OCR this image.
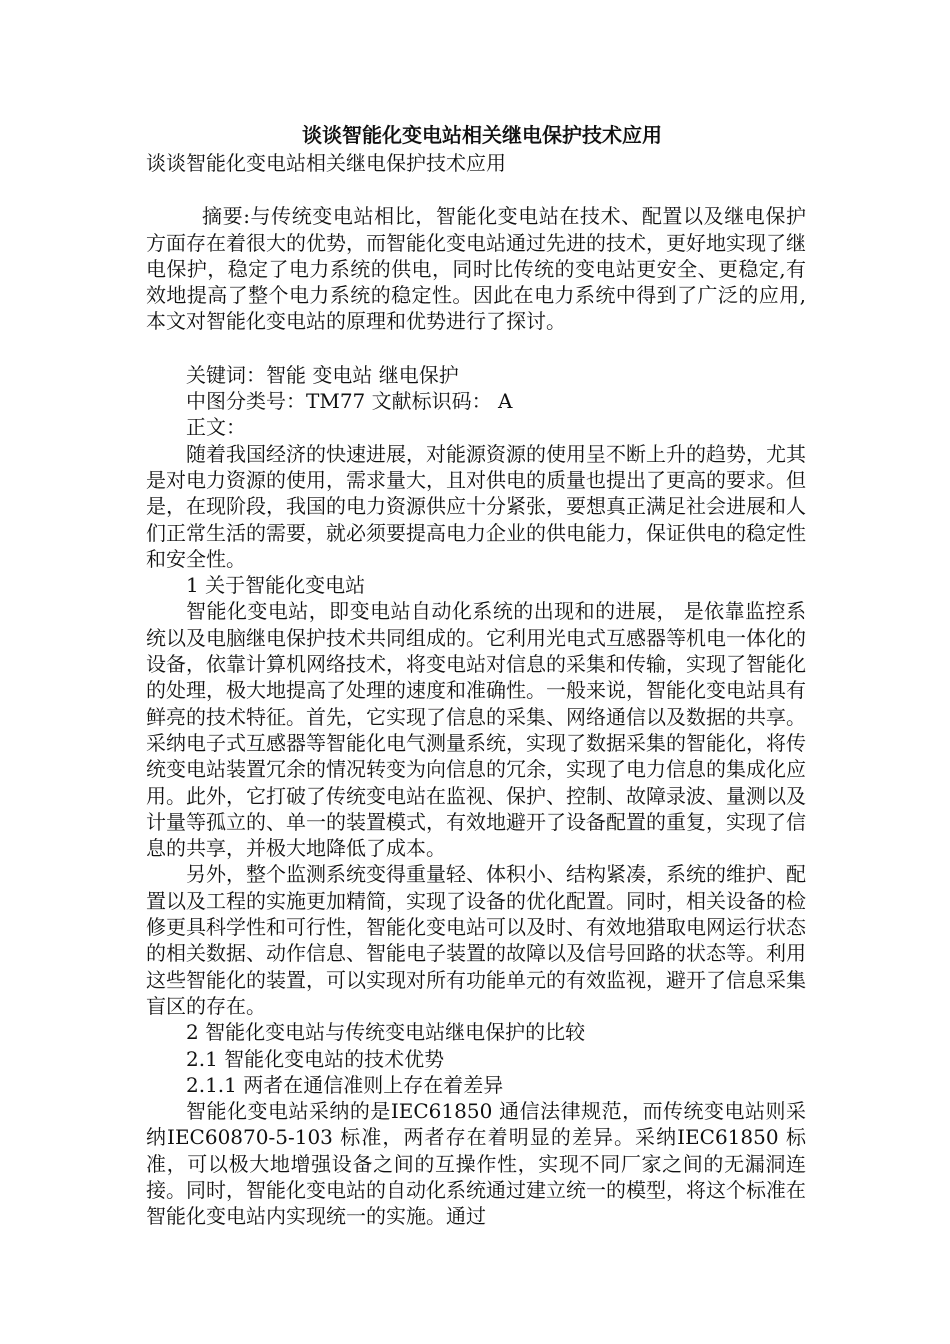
谈谈智能化变电站相关继电保护技术应用

谈谈智能化变电站相关继电保护技术应用

摘要:与传统变电站相比，智能化变电站在技术、配置以及继电保护方面存在着很大的优势，而智能化变电站通过先进的技术，更好地实现了继电保护，稳定了电力系统的供电，同时比传统的变电站更安全、更稳定,有效地提高了整个电力系统的稳定性。因此在电力系统中得到了广泛的应用,本文对智能化变电站的原理和优势进行了探讨。

关键词：智能 变电站 继电保护

中图分类号：TM77 文献标识码： A

正文：

随着我国经济的快速进展，对能源资源的使用呈不断上升的趋势，尤其是对电力资源的使用，需求量大，且对供电的质量也提出了更高的要求。但是，在现阶段，我国的电力资源供应十分紧张，要想真正满足社会进展和人们正常生活的需要，就必须要提高电力企业的供电能力，保证供电的稳定性和安全性。

1 关于智能化变电站

智能化变电站，即变电站自动化系统的出现和的进展， 是依靠监控系统以及电脑继电保护技术共同组成的。它利用光电式互感器等机电一体化的设备，依靠计算机网络技术，将变电站对信息的采集和传输，实现了智能化的处理，极大地提高了处理的速度和准确性。一般来说，智能化变电站具有鲜亮的技术特征。首先，它实现了信息的采集、网络通信以及数据的共享。采纳电子式互感器等智能化电气测量系统，实现了数据采集的智能化，将传统变电站装置冗余的情况转变为向信息的冗余，实现了电力信息的集成化应用。此外，它打破了传统变电站在监视、保护、控制、故障录波、量测以及计量等孤立的、单一的装置模式，有效地避开了设备配置的重复，实现了信息的共享，并极大地降低了成本。

另外，整个监测系统变得重量轻、体积小、结构紧凑，系统的维护、配置以及工程的实施更加精简，实现了设备的优化配置。同时，相关设备的检修更具科学性和可行性，智能化变电站可以及时、有效地猎取电网运行状态的相关数据、动作信息、智能电子装置的故障以及信号回路的状态等。利用这些智能化的装置，可以实现对所有功能单元的有效监视，避开了信息采集盲区的存在。

2 智能化变电站与传统变电站继电保护的比较

2.1 智能化变电站的技术优势

2.1.1 两者在通信准则上存在着差异

智能化变电站采纳的是IEC61850 通信法律规范，而传统变电站则采纳IEC60870-5-103 标准，两者存在着明显的差异。采纳IEC61850 标准，可以极大地增强设备之间的互操作性，实现不同厂家之间的无漏洞连接。同时，智能化变电站的自动化系统通过建立统一的模型，将这个标准在智能化变电站内实现统一的实施。通过
